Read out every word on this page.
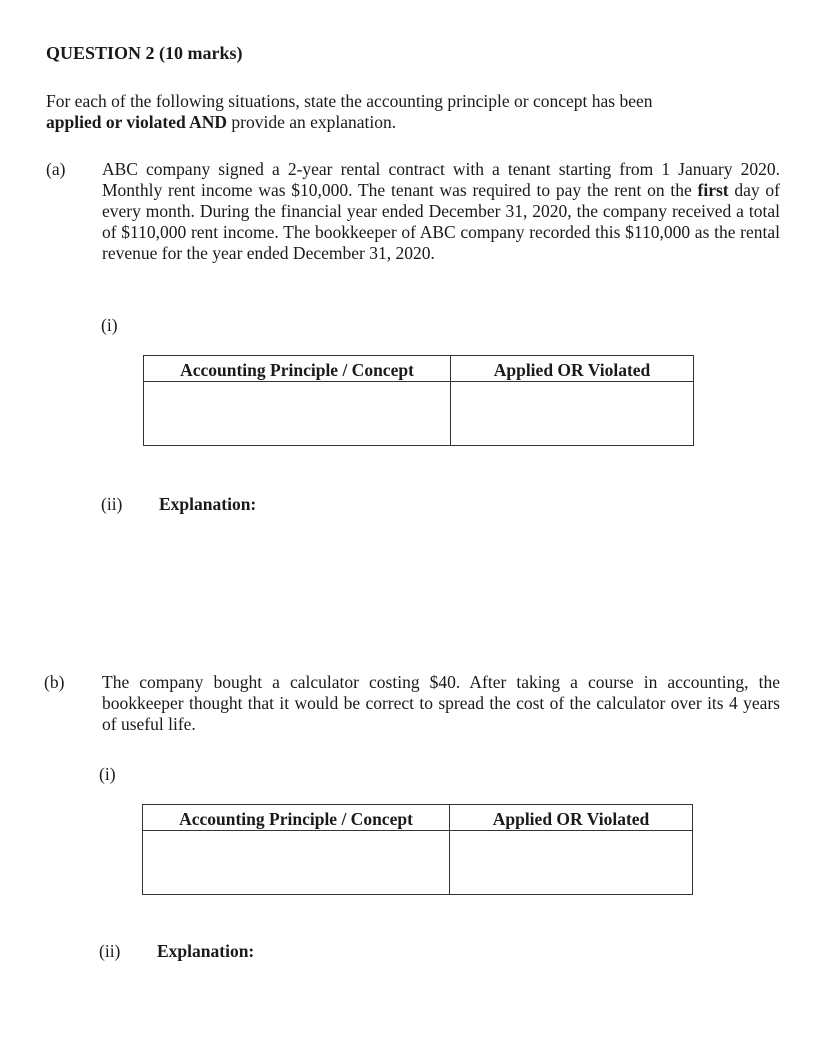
QUESTION 2 (10 marks)
For each of the following situations, state the accounting principle or concept has been
applied or violated AND provide an explanation.
(a) ABC company signed a 2-year rental contract with a tenant starting from 1 January 2020. Monthly rent income was $10,000. The tenant was required to pay the rent on the first day of every month. During the financial year ended December 31, 2020, the company received a total of $110,000 rent income. The bookkeeper of ABC company recorded this $110,000 as the rental revenue for the year ended December 31, 2020.
(i)
Accounting Principle / Concept	Applied OR Violated

(ii) Explanation:
(b) The company bought a calculator costing $40. After taking a course in accounting, the bookkeeper thought that it would be correct to spread the cost of the calculator over its 4 years of useful life.
(i)
Accounting Principle / Concept	Applied OR Violated

(ii) Explanation:
